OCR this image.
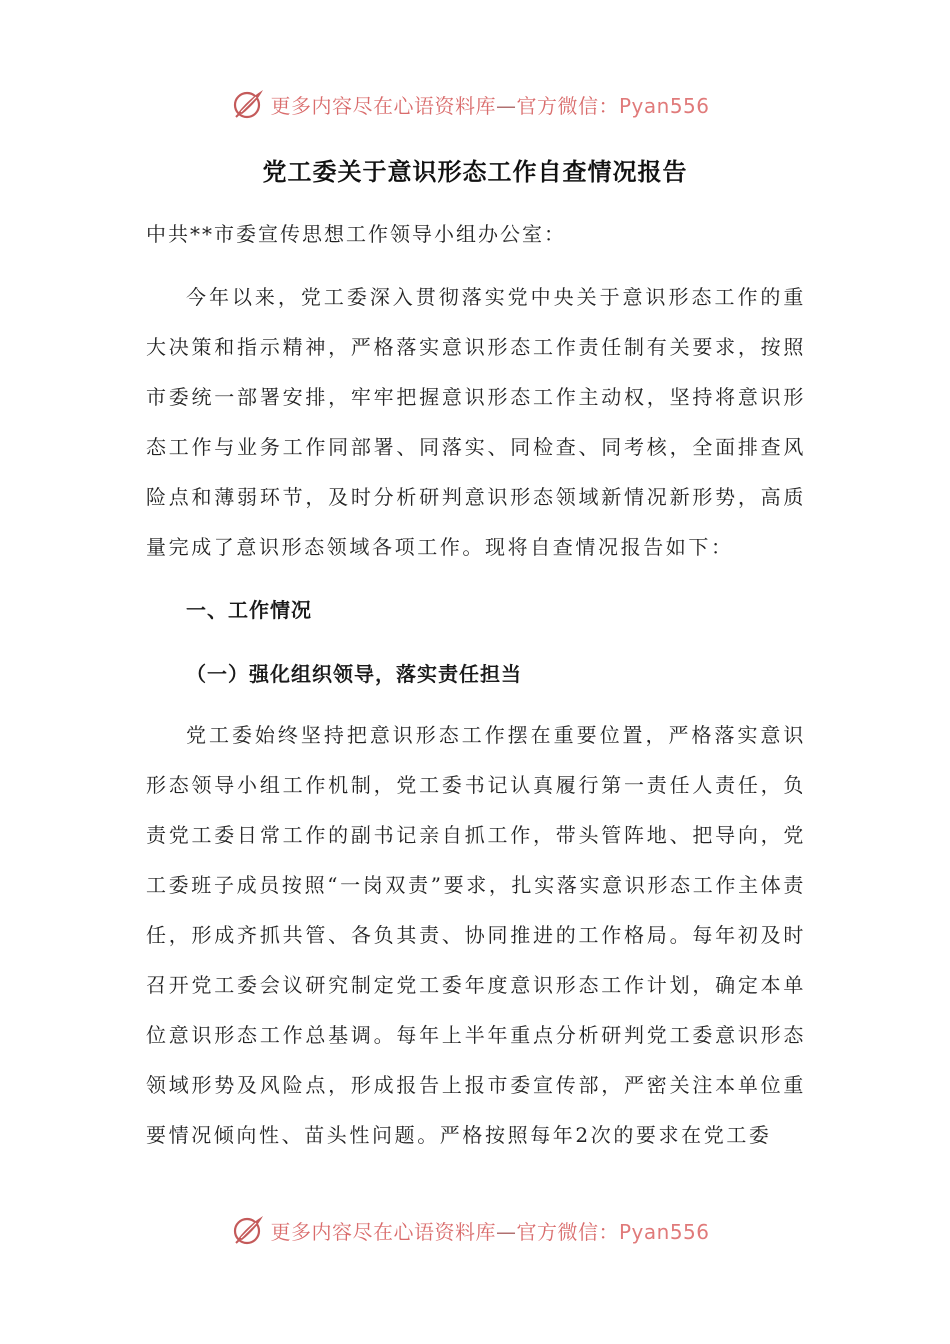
更多内容尽在心语资料库—官方微信：Pyan556
党工委关于意识形态工作自查情况报告
中共**市委宣传思想工作领导小组办公室：

今年以来，党工委深入贯彻落实党中央关于意识形态工作的重大决策和指示精神，严格落实意识形态工作责任制有关要求，按照市委统一部署安排，牢牢把握意识形态工作主动权，坚持将意识形态工作与业务工作同部署、同落实、同检查、同考核，全面排查风险点和薄弱环节，及时分析研判意识形态领域新情况新形势，高质量完成了意识形态领域各项工作。现将自查情况报告如下：

一、工作情况
（一）强化组织领导，落实责任担当

党工委始终坚持把意识形态工作摆在重要位置，严格落实意识形态领导小组工作机制，党工委书记认真履行第一责任人责任，负责党工委日常工作的副书记亲自抓工作，带头管阵地、把导向，党工委班子成员按照“一岗双责”要求，扎实落实意识形态工作主体责任，形成齐抓共管、各负其责、协同推进的工作格局。每年初及时召开党工委会议研究制定党工委年度意识形态工作计划，确定本单位意识形态工作总基调。每年上半年重点分析研判党工委意识形态领域形势及风险点，形成报告上报市委宣传部，严密关注本单位重要情况倾向性、苗头性问题。严格按照每年2次的要求在党工委

更多内容尽在心语资料库—官方微信：Pyan556
